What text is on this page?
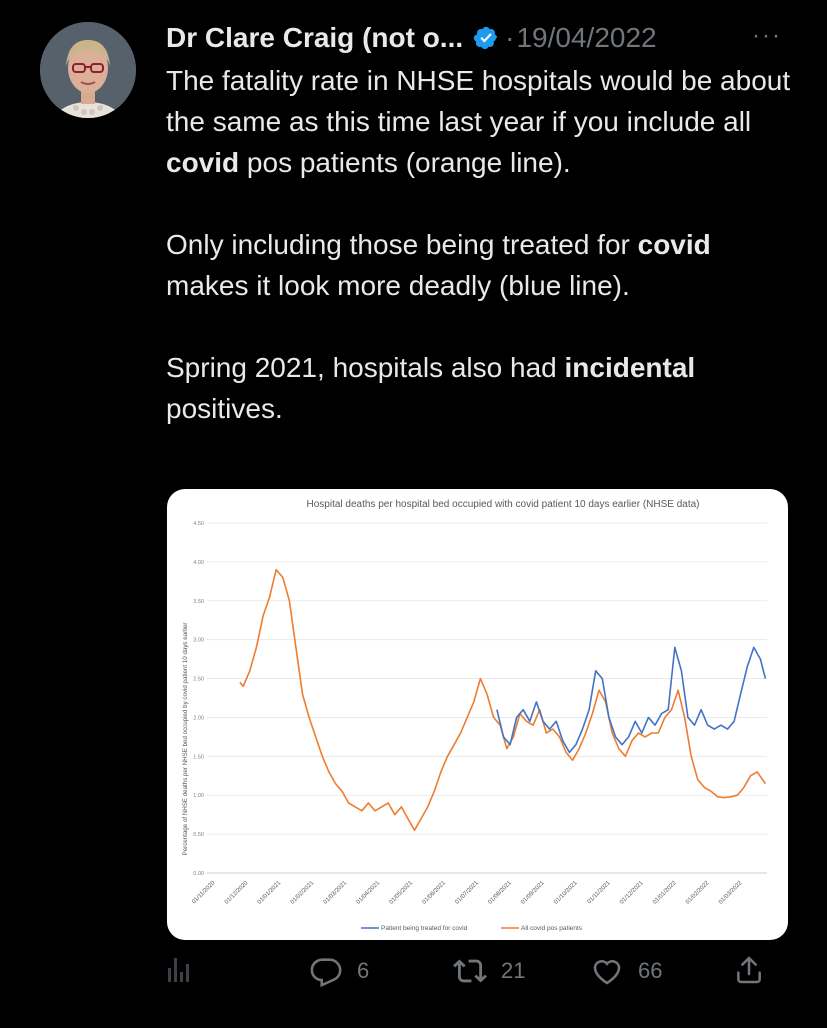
Dr Clare Craig (not o... · 19/04/2022	···

The fatality rate in NHSE hospitals would be about the same as this time last year if you include all covid pos patients (orange line).

Only including those being treated for covid makes it look more deadly (blue line).

Spring 2021, hospitals also had incidental positives.

Hospital deaths per hospital bed occupied with covid patient 10 days earlier (NHSE data)
Percentage of NHSE deaths per NHSE bed occupied by covid patient 10 days earlier
4.50
4.00
3.50
3.00
2.50
2.00
1.50
1.00
0.50
0.00
01/11/2020 01/12/2020 01/01/2021 01/02/2021 01/03/2021 01/04/2021 01/05/2021 01/06/2021 01/07/2021 01/08/2021 01/09/2021 01/10/2021 01/11/2021 01/12/2021 01/01/2022 01/02/2022 01/03/2022
Patient being treated for covid	All covid pos patients
6	21	66
